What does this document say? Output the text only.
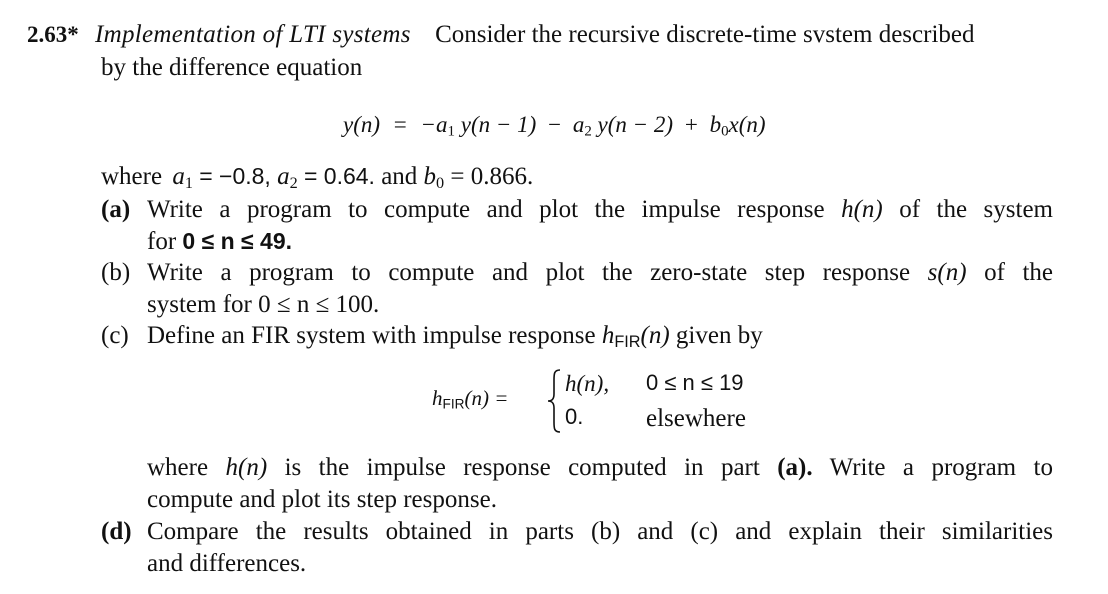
2.63* Implementation of LTI systems Consider the recursive discrete-time svstem described
by the difference equation
$y(n) = -a_1$ $y(n - 1) - a_2$ $y(n - 2) + b_0x(n)$
where $a_1 = -0.8$, $a_2 = 0.64$. and $b_0 = 0.866$.
(a) Write a program to compute and plot the impulse response h(n) of the system
for 0 ≤ n ≤ 49.
(b) Write a program to compute and plot the zero-state step response s(n) of the
system for 0 ≤ n ≤ 100.
(c) Define an FIR system with impulse response $h_{FIR}(n)$ given by
$h_{FIR}(n)$ =
h(n), 0 ≤ n ≤ 19
0.	elsewhere
where h(n) is the impulse response computed in part (a). Write a program to
compute and plot its step response.
(d) Compare the results obtained in parts (b) and (c) and explain their similarities
and differences.
